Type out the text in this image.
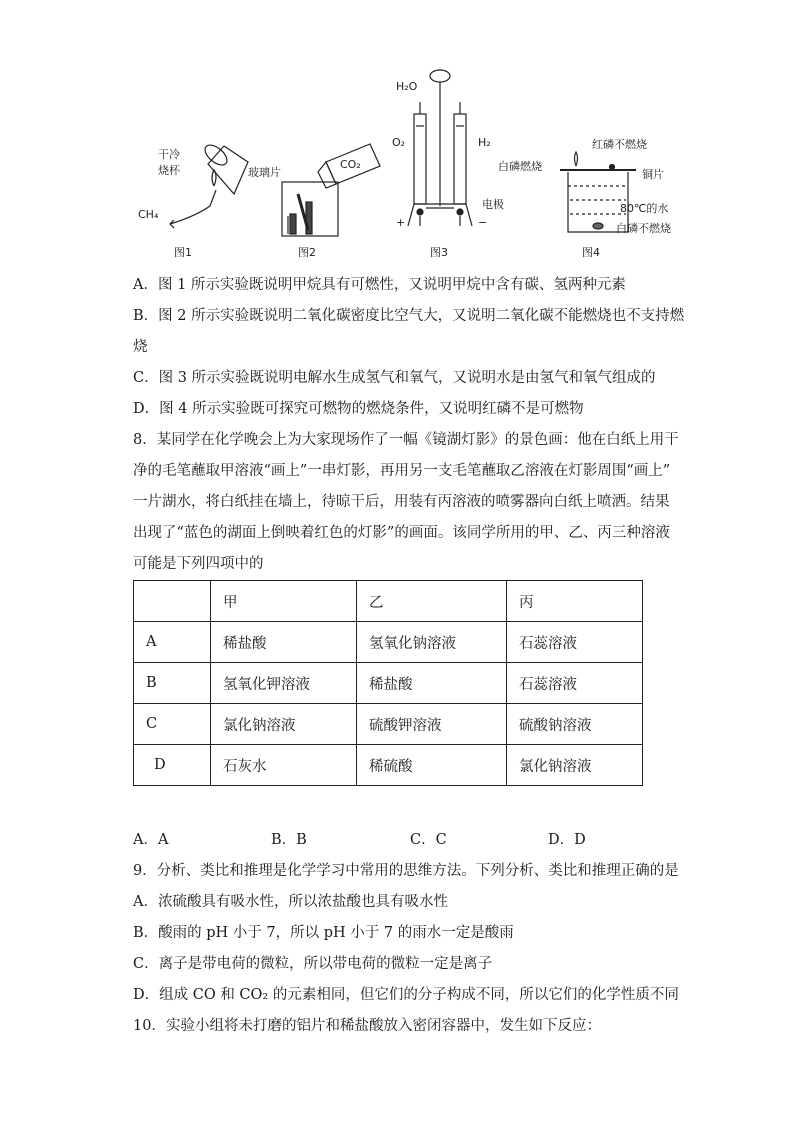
干冷
烧杯
CH₄
图1
玻璃片
CO₂
图2
H₂O
O₂	H₂
电极
+	−
图3
红磷不燃烧
白磷燃烧
铜片
80℃的水
白磷不燃烧
图4
A．图 1 所示实验既说明甲烷具有可燃性，又说明甲烷中含有碳、氢两种元素
B．图 2 所示实验既说明二氧化碳密度比空气大，又说明二氧化碳不能燃烧也不支持燃
烧
C．图 3 所示实验既说明电解水生成氢气和氧气，又说明水是由氢气和氧气组成的
D．图 4 所示实验既可探究可燃物的燃烧条件，又说明红磷不是可燃物
8．某同学在化学晚会上为大家现场作了一幅《镜湖灯影》的景色画：他在白纸上用干
净的毛笔蘸取甲溶液“画上”一串灯影，再用另一支毛笔蘸取乙溶液在灯影周围“画上”
一片湖水，将白纸挂在墙上，待晾干后，用装有丙溶液的喷雾器向白纸上喷洒。结果
出现了“蓝色的湖面上倒映着红色的灯影”的画面。该同学所用的甲、乙、丙三种溶液
可能是下列四项中的
	甲	乙	丙
A	稀盐酸	氢氧化钠溶液	石蕊溶液
B	氢氧化钾溶液	稀盐酸	石蕊溶液
C	氯化钠溶液	硫酸钾溶液	硫酸钠溶液
D	石灰水	稀硫酸	氯化钠溶液
A．A	B．B	C．C	D．D
9．分析、类比和推理是化学学习中常用的思维方法。下列分析、类比和推理正确的是
A．浓硫酸具有吸水性，所以浓盐酸也具有吸水性
B．酸雨的 pH 小于 7，所以 pH 小于 7 的雨水一定是酸雨
C．离子是带电荷的微粒，所以带电荷的微粒一定是离子
D．组成 CO 和 CO₂ 的元素相同，但它们的分子构成不同，所以它们的化学性质不同
10．实验小组将未打磨的铝片和稀盐酸放入密闭容器中，发生如下反应：
